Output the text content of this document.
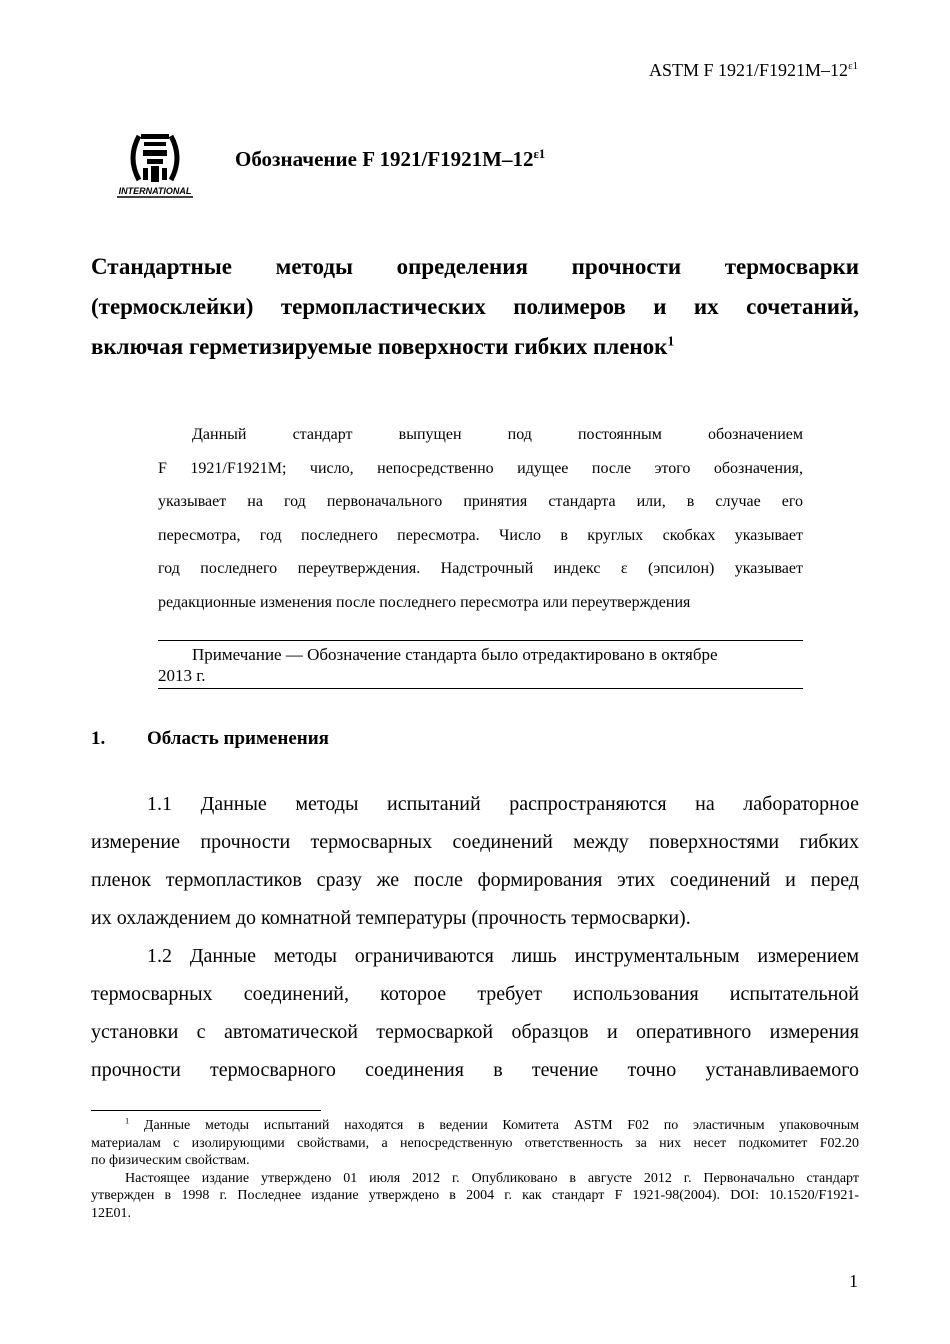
ASTM F $1921/F1921M-12^{\varepsilon 1}$
INTERNATIONAL
Обозначение F $1921/F1921M-12^{\varepsilon 1}$
Стандартные методы определения прочности термосварки
(термосклейки) термопластических полимеров и их сочетаний,
включая герметизируемые поверхности гибких пленок$^1$
Данный стандарт выпущен под постоянным обозначением
F 1921/F1921M; число, непосредственно идущее после этого обозначения,
указывает на год первоначального принятия стандарта или, в случае его
пересмотра, год последнего пересмотра. Число в круглых скобках указывает
год последнего переутверждения. Надстрочный индекс ε (эпсилон) указывает
редакционные изменения после последнего пересмотра или переутверждения
Примечание — Обозначение стандарта было отредактировано в октябре
2013 г.
1. Область применения
1.1 Данные методы испытаний распространяются на лабораторное
измерение прочности термосварных соединений между поверхностями гибких
пленок термопластиков сразу же после формирования этих соединений и перед
их охлаждением до комнатной температуры (прочность термосварки).
1.2 Данные методы ограничиваются лишь инструментальным измерением
термосварных соединений, которое требует использования испытательной
установки с автоматической термосваркой образцов и оперативного измерения
прочности термосварного соединения в течение точно устанавливаемого
$^1$ Данные методы испытаний находятся в ведении Комитета ASTM F02 по эластичным упаковочным
материалам с изолирующими свойствами, а непосредственную ответственность за них несет подкомитет F02.20
по физическим свойствам.
Настоящее издание утверждено 01 июля 2012 г. Опубликовано в августе 2012 г. Первоначально стандарт
утвержден в 1998 г. Последнее издание утверждено в 2004 г. как стандарт F 1921-98(2004). DOI: 10.1520/F1921-
12E01.
1
